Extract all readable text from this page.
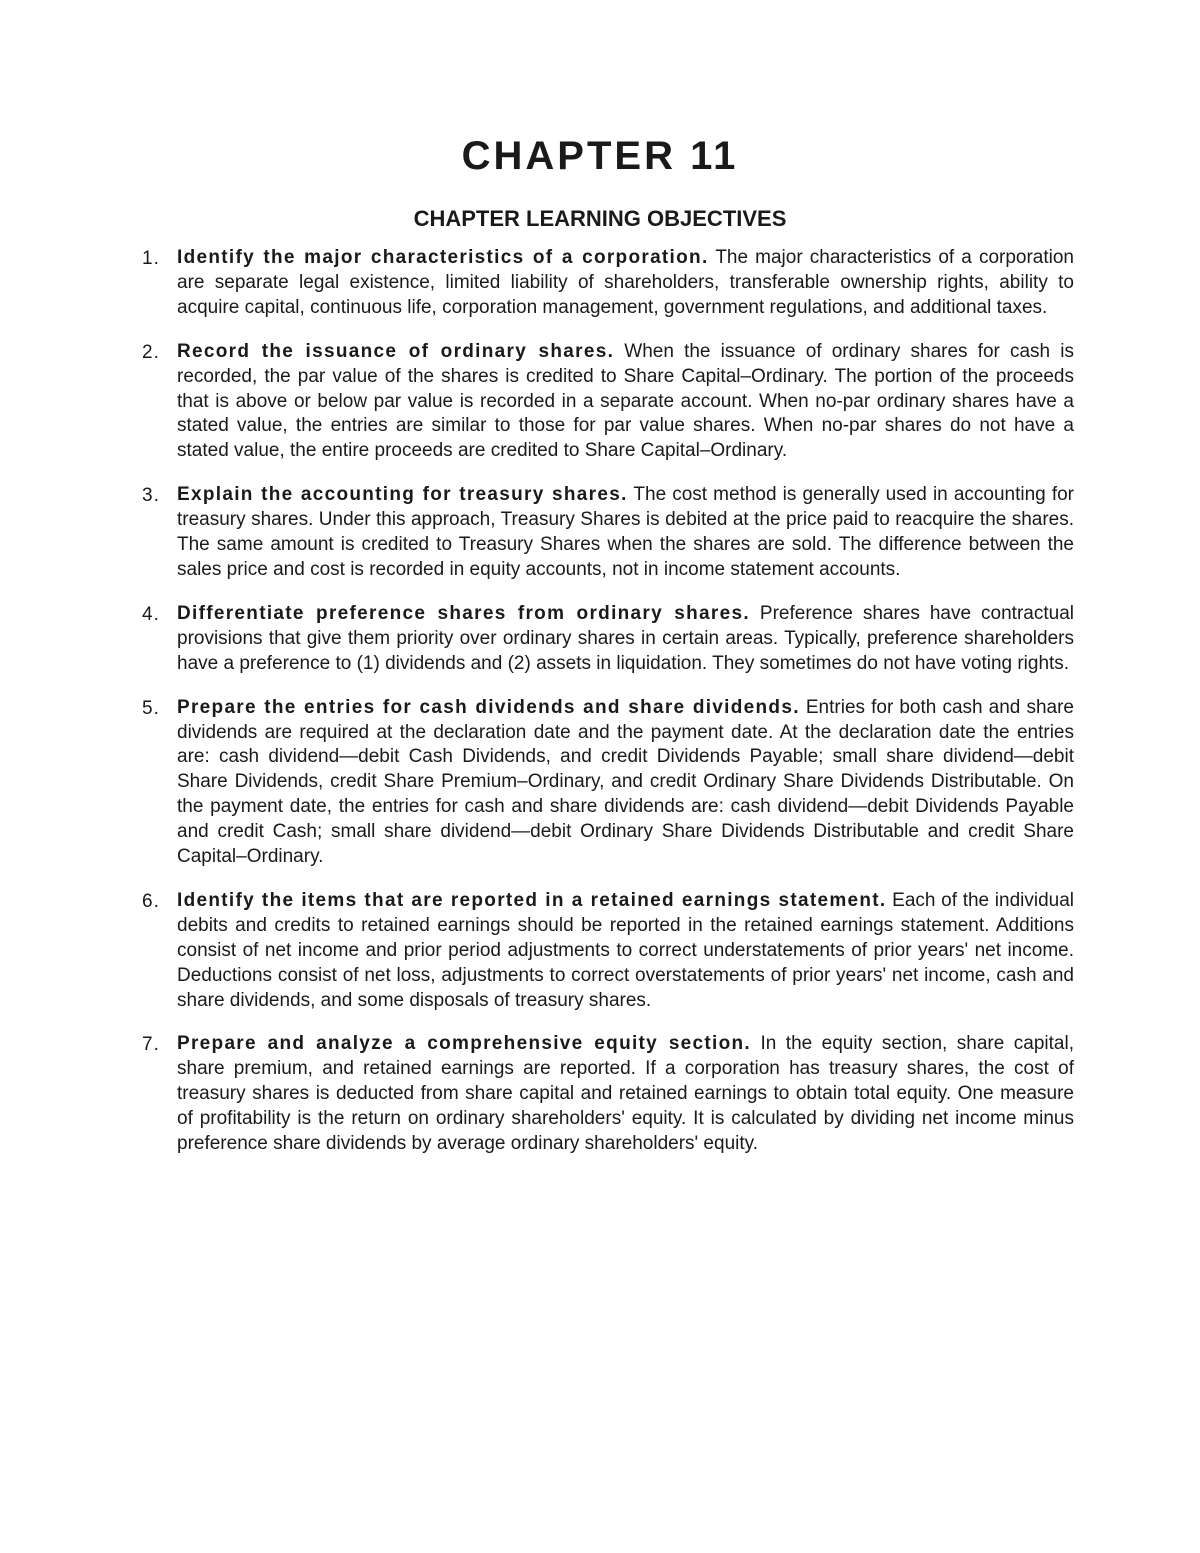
CHAPTER 11
CHAPTER LEARNING OBJECTIVES
1. Identify the major characteristics of a corporation. The major characteristics of a corporation are separate legal existence, limited liability of shareholders, transferable ownership rights, ability to acquire capital, continuous life, corporation management, government regulations, and additional taxes.

2. Record the issuance of ordinary shares. When the issuance of ordinary shares for cash is recorded, the par value of the shares is credited to Share Capital–Ordinary. The portion of the proceeds that is above or below par value is recorded in a separate account. When no-par ordinary shares have a stated value, the entries are similar to those for par value shares. When no-par shares do not have a stated value, the entire proceeds are credited to Share Capital–Ordinary.

3. Explain the accounting for treasury shares. The cost method is generally used in accounting for treasury shares. Under this approach, Treasury Shares is debited at the price paid to reacquire the shares. The same amount is credited to Treasury Shares when the shares are sold. The difference between the sales price and cost is recorded in equity accounts, not in income statement accounts.

4. Differentiate preference shares from ordinary shares. Preference shares have contractual provisions that give them priority over ordinary shares in certain areas. Typically, preference shareholders have a preference to (1) dividends and (2) assets in liquidation. They sometimes do not have voting rights.

5. Prepare the entries for cash dividends and share dividends. Entries for both cash and share dividends are required at the declaration date and the payment date. At the declaration date the entries are: cash dividend—debit Cash Dividends, and credit Dividends Payable; small share dividend—debit Share Dividends, credit Share Premium–Ordinary, and credit Ordinary Share Dividends Distributable. On the payment date, the entries for cash and share dividends are: cash dividend—debit Dividends Payable and credit Cash; small share dividend—debit Ordinary Share Dividends Distributable and credit Share Capital–Ordinary.

6. Identify the items that are reported in a retained earnings statement. Each of the individual debits and credits to retained earnings should be reported in the retained earnings statement. Additions consist of net income and prior period adjustments to correct understatements of prior years' net income. Deductions consist of net loss, adjustments to correct overstatements of prior years' net income, cash and share dividends, and some disposals of treasury shares.

7. Prepare and analyze a comprehensive equity section. In the equity section, share capital, share premium, and retained earnings are reported. If a corporation has treasury shares, the cost of treasury shares is deducted from share capital and retained earnings to obtain total equity. One measure of profitability is the return on ordinary shareholders' equity. It is calculated by dividing net income minus preference share dividends by average ordinary shareholders' equity.
